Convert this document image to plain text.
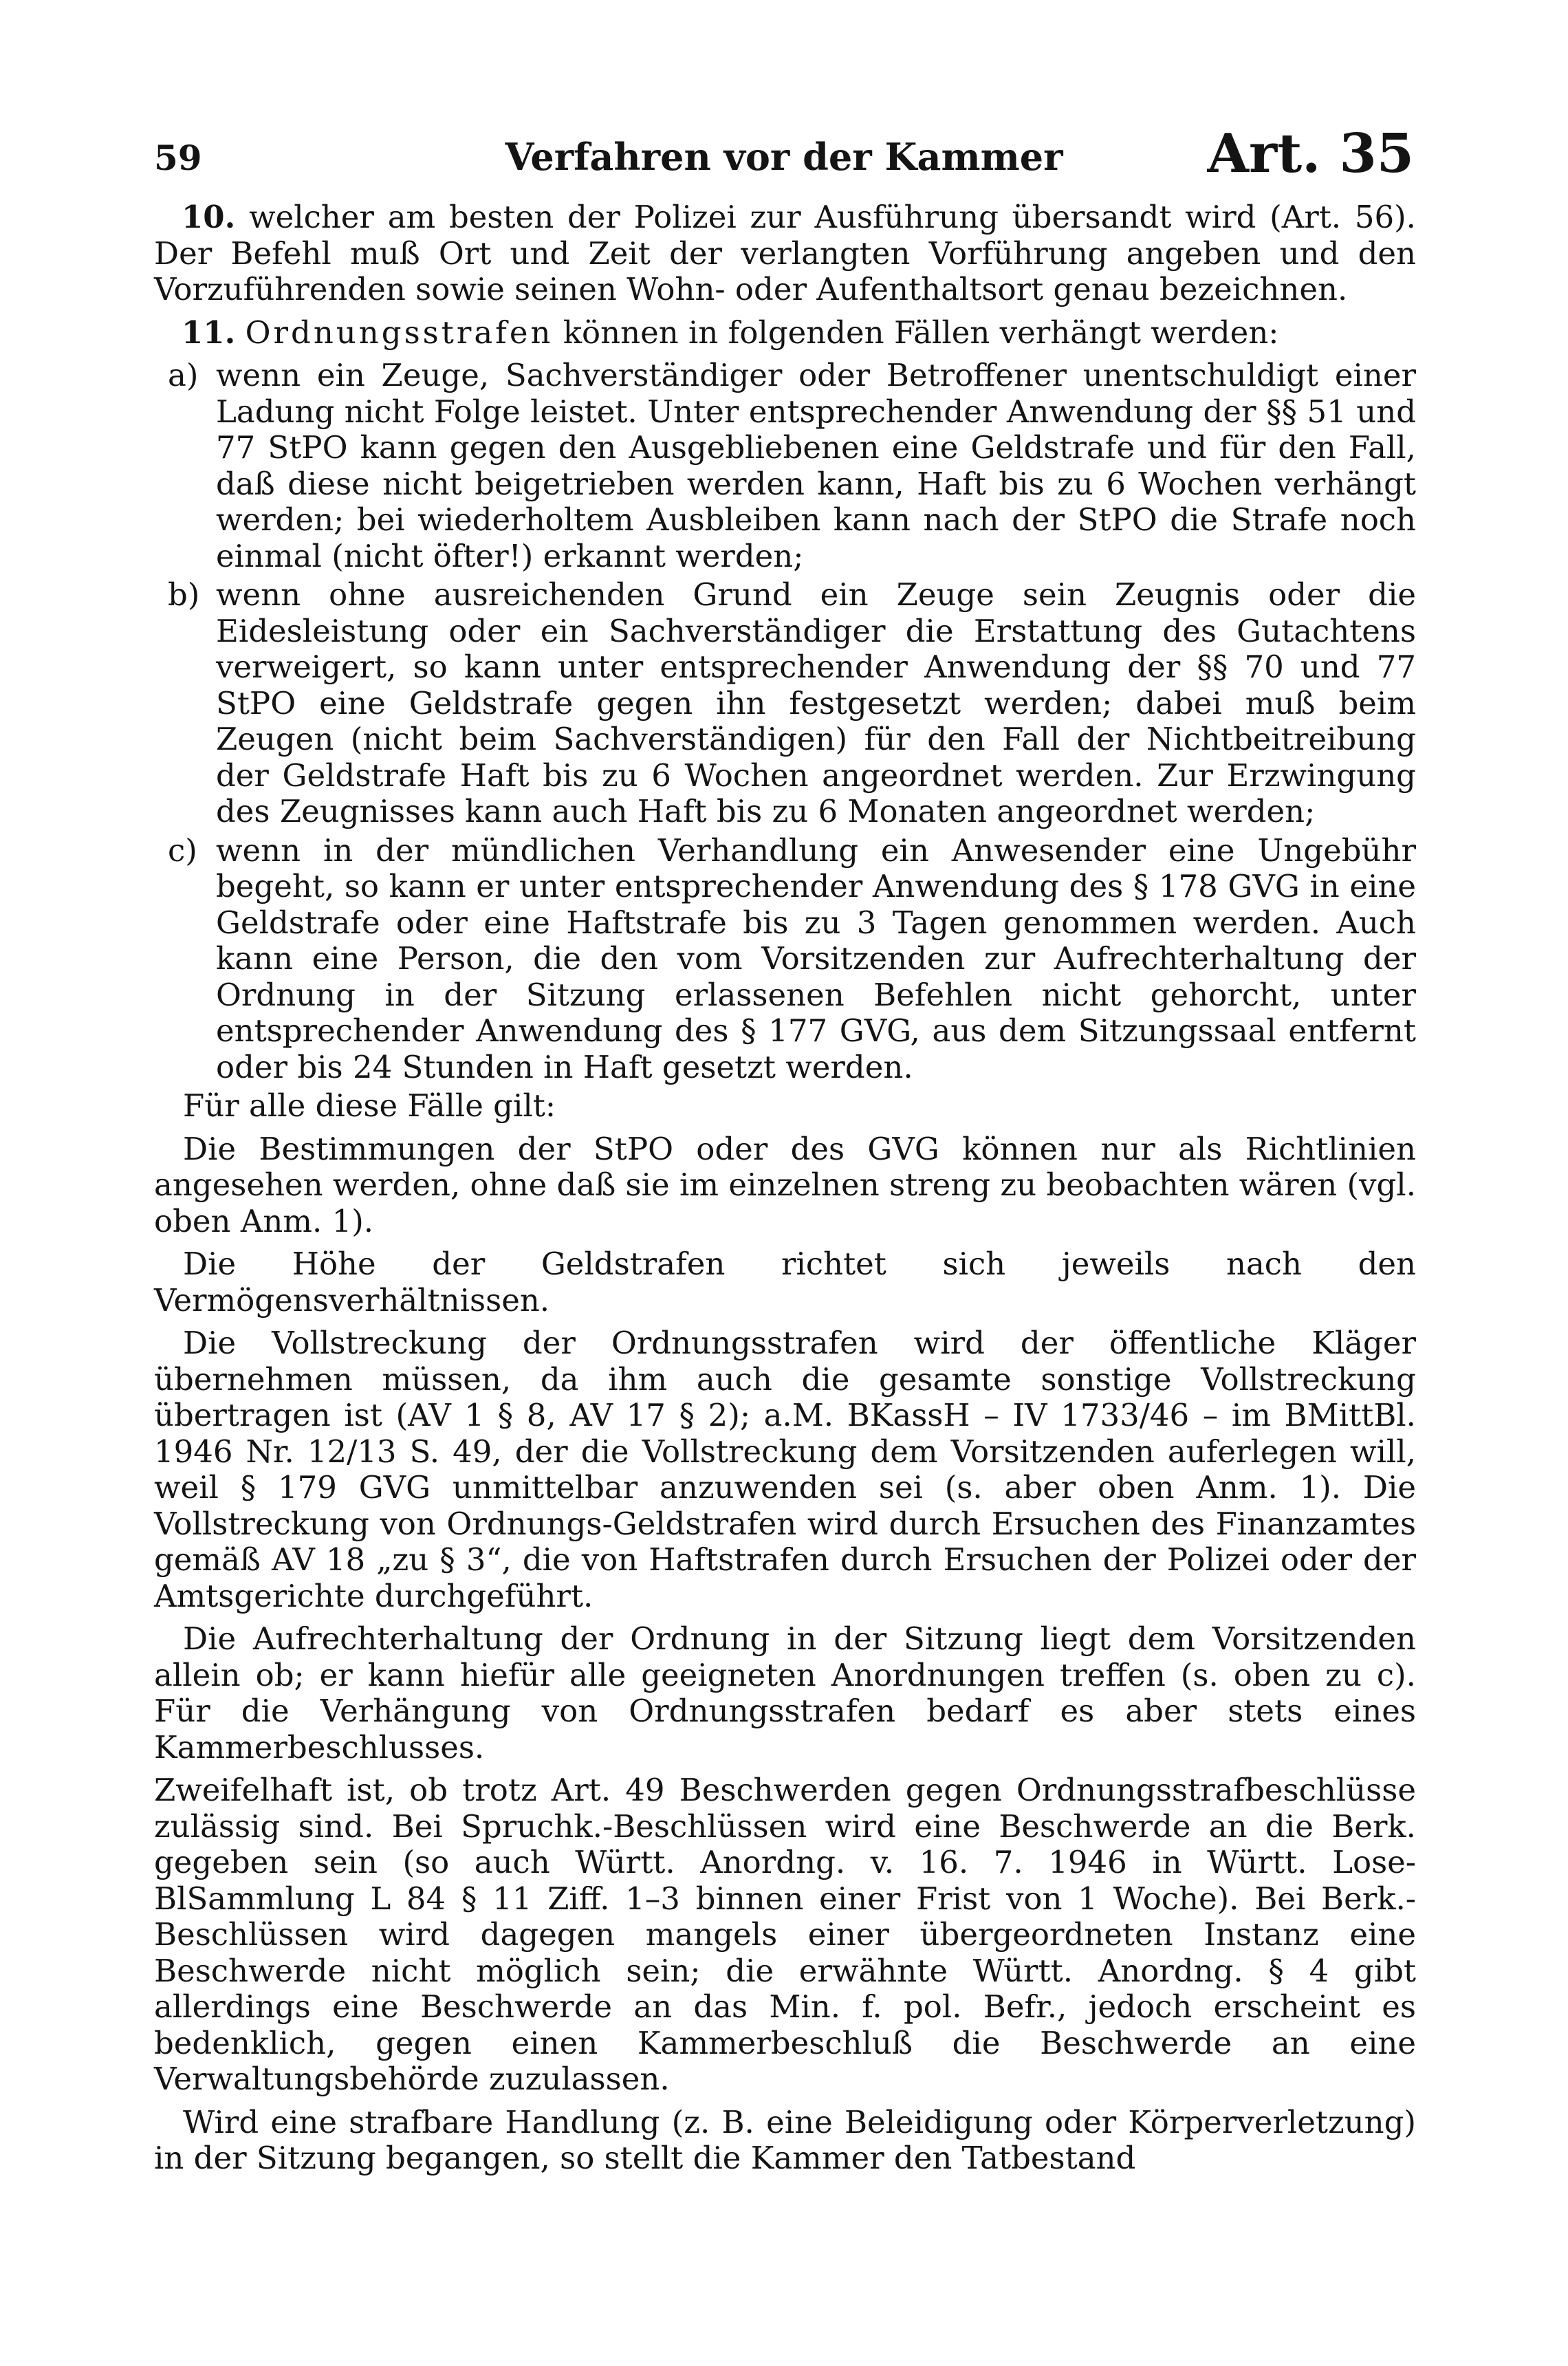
59	Verfahren vor der Kammer	Art. 35

10. welcher am besten der Polizei zur Ausführung übersandt wird (Art. 56). Der Befehl muß Ort und Zeit der verlangten Vorführung angeben und den Vorzuführenden sowie seinen Wohn- oder Aufenthaltsort genau bezeichnen.

11. Ordnungsstrafen können in folgenden Fällen verhängt werden:

a) wenn ein Zeuge, Sachverständiger oder Betroffener unentschuldigt einer Ladung nicht Folge leistet. Unter entsprechender Anwendung der §§ 51 und 77 StPO kann gegen den Ausgebliebenen eine Geldstrafe und für den Fall, daß diese nicht beigetrieben werden kann, Haft bis zu 6 Wochen verhängt werden; bei wiederholtem Ausbleiben kann nach der StPO die Strafe noch einmal (nicht öfter!) erkannt werden;

b) wenn ohne ausreichenden Grund ein Zeuge sein Zeugnis oder die Eidesleistung oder ein Sachverständiger die Erstattung des Gutachtens verweigert, so kann unter entsprechender Anwendung der §§ 70 und 77 StPO eine Geldstrafe gegen ihn festgesetzt werden; dabei muß beim Zeugen (nicht beim Sachverständigen) für den Fall der Nichtbeitreibung der Geldstrafe Haft bis zu 6 Wochen angeordnet werden. Zur Erzwingung des Zeugnisses kann auch Haft bis zu 6 Monaten angeordnet werden;

c) wenn in der mündlichen Verhandlung ein Anwesender eine Ungebühr begeht, so kann er unter entsprechender Anwendung des § 178 GVG in eine Geldstrafe oder eine Haftstrafe bis zu 3 Tagen genommen werden. Auch kann eine Person, die den vom Vorsitzenden zur Aufrechterhaltung der Ordnung in der Sitzung erlassenen Befehlen nicht gehorcht, unter entsprechender Anwendung des § 177 GVG, aus dem Sitzungssaal entfernt oder bis 24 Stunden in Haft gesetzt werden.

Für alle diese Fälle gilt:

Die Bestimmungen der StPO oder des GVG können nur als Richtlinien angesehen werden, ohne daß sie im einzelnen streng zu beobachten wären (vgl. oben Anm. 1).

Die Höhe der Geldstrafen richtet sich jeweils nach den Vermögensverhältnissen.

Die Vollstreckung der Ordnungsstrafen wird der öffentliche Kläger übernehmen müssen, da ihm auch die gesamte sonstige Vollstreckung übertragen ist (AV 1 § 8, AV 17 § 2); a.M. BKassH – IV 1733/46 – im BMittBl. 1946 Nr. 12/13 S. 49, der die Vollstreckung dem Vorsitzenden auferlegen will, weil § 179 GVG unmittelbar anzuwenden sei (s. aber oben Anm. 1). Die Vollstreckung von Ordnungs-Geldstrafen wird durch Ersuchen des Finanzamtes gemäß AV 18 „zu § 3“, die von Haftstrafen durch Ersuchen der Polizei oder der Amtsgerichte durchgeführt.

Die Aufrechterhaltung der Ordnung in der Sitzung liegt dem Vorsitzenden allein ob; er kann hiefür alle geeigneten Anordnungen treffen (s. oben zu c). Für die Verhängung von Ordnungsstrafen bedarf es aber stets eines Kammerbeschlusses.

Zweifelhaft ist, ob trotz Art. 49 Beschwerden gegen Ordnungsstrafbeschlüsse zulässig sind. Bei Spruchk.-Beschlüssen wird eine Beschwerde an die Berk. gegeben sein (so auch Württ. Anordng. v. 16. 7. 1946 in Württ. Lose-BlSammlung L 84 § 11 Ziff. 1–3 binnen einer Frist von 1 Woche). Bei Berk.-Beschlüssen wird dagegen mangels einer übergeordneten Instanz eine Beschwerde nicht möglich sein; die erwähnte Württ. Anordng. § 4 gibt allerdings eine Beschwerde an das Min. f. pol. Befr., jedoch erscheint es bedenklich, gegen einen Kammerbeschluß die Beschwerde an eine Verwaltungsbehörde zuzulassen.

Wird eine strafbare Handlung (z. B. eine Beleidigung oder Körperverletzung) in der Sitzung begangen, so stellt die Kammer den Tatbestand
